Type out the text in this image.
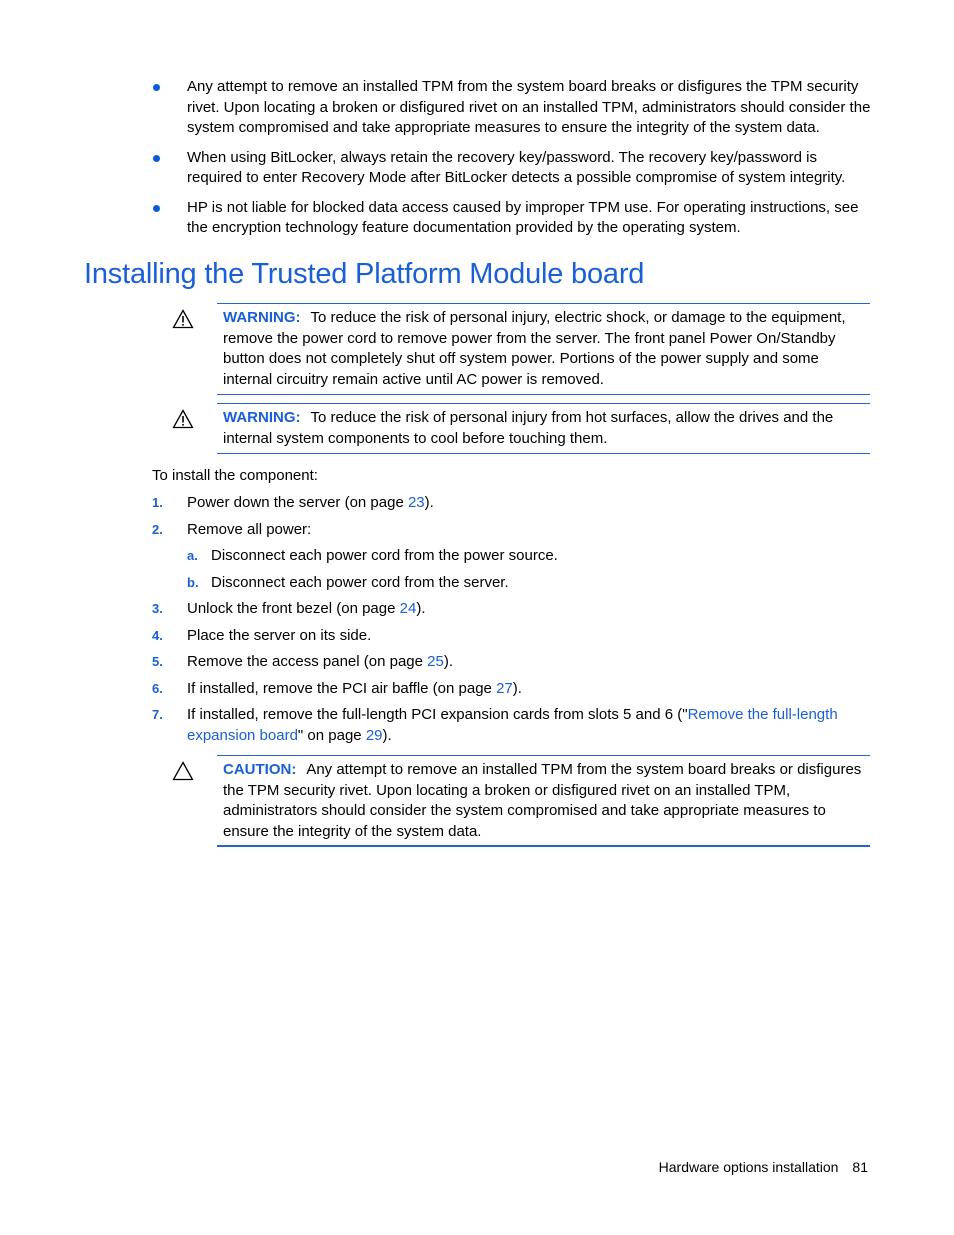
Any attempt to remove an installed TPM from the system board breaks or disfigures the TPM security rivet. Upon locating a broken or disfigured rivet on an installed TPM, administrators should consider the system compromised and take appropriate measures to ensure the integrity of the system data.
When using BitLocker, always retain the recovery key/password. The recovery key/password is required to enter Recovery Mode after BitLocker detects a possible compromise of system integrity.
HP is not liable for blocked data access caused by improper TPM use. For operating instructions, see the encryption technology feature documentation provided by the operating system.
Installing the Trusted Platform Module board
WARNING: To reduce the risk of personal injury, electric shock, or damage to the equipment, remove the power cord to remove power from the server. The front panel Power On/Standby button does not completely shut off system power. Portions of the power supply and some internal circuitry remain active until AC power is removed.
WARNING: To reduce the risk of personal injury from hot surfaces, allow the drives and the internal system components to cool before touching them.
To install the component:
1. Power down the server (on page 23).
2. Remove all power:
a. Disconnect each power cord from the power source.
b. Disconnect each power cord from the server.
3. Unlock the front bezel (on page 24).
4. Place the server on its side.
5. Remove the access panel (on page 25).
6. If installed, remove the PCI air baffle (on page 27).
7. If installed, remove the full-length PCI expansion cards from slots 5 and 6 ("Remove the full-length expansion board" on page 29).
CAUTION: Any attempt to remove an installed TPM from the system board breaks or disfigures the TPM security rivet. Upon locating a broken or disfigured rivet on an installed TPM, administrators should consider the system compromised and take appropriate measures to ensure the integrity of the system data.
Hardware options installation 81
